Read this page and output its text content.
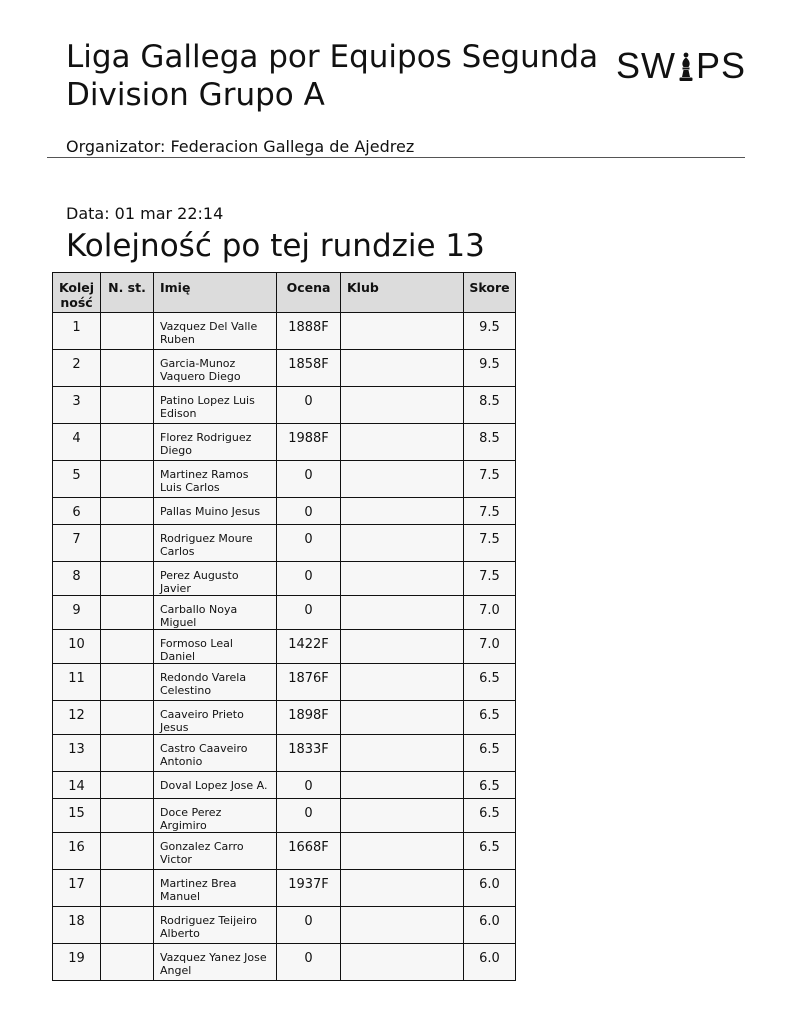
Liga Gallega por Equipos Segunda Division Grupo A
SW PS
Organizator: Federacion Gallega de Ajedrez
Data: 01 mar 22:14
Kolejność po tej rundzie 13
Kolej ność	N. st.	Imię	Ocena	Klub	Skore
1		Vazquez Del Valle Ruben	1888F		9.5
2		Garcia-Munoz Vaquero Diego	1858F		9.5
3		Patino Lopez Luis Edison	0		8.5
4		Florez Rodriguez Diego	1988F		8.5
5		Martinez Ramos Luis Carlos	0		7.5
6		Pallas Muino Jesus	0		7.5
7		Rodriguez Moure Carlos	0		7.5
8		Perez Augusto Javier	0		7.5
9		Carballo Noya Miguel	0		7.0
10		Formoso Leal Daniel	1422F		7.0
11		Redondo Varela Celestino	1876F		6.5
12		Caaveiro Prieto Jesus	1898F		6.5
13		Castro Caaveiro Antonio	1833F		6.5
14		Doval Lopez Jose A.	0		6.5
15		Doce Perez Argimiro	0		6.5
16		Gonzalez Carro Victor	1668F		6.5
17		Martinez Brea Manuel	1937F		6.0
18		Rodriguez Teijeiro Alberto	0		6.0
19		Vazquez Yanez Jose Angel	0		6.0
